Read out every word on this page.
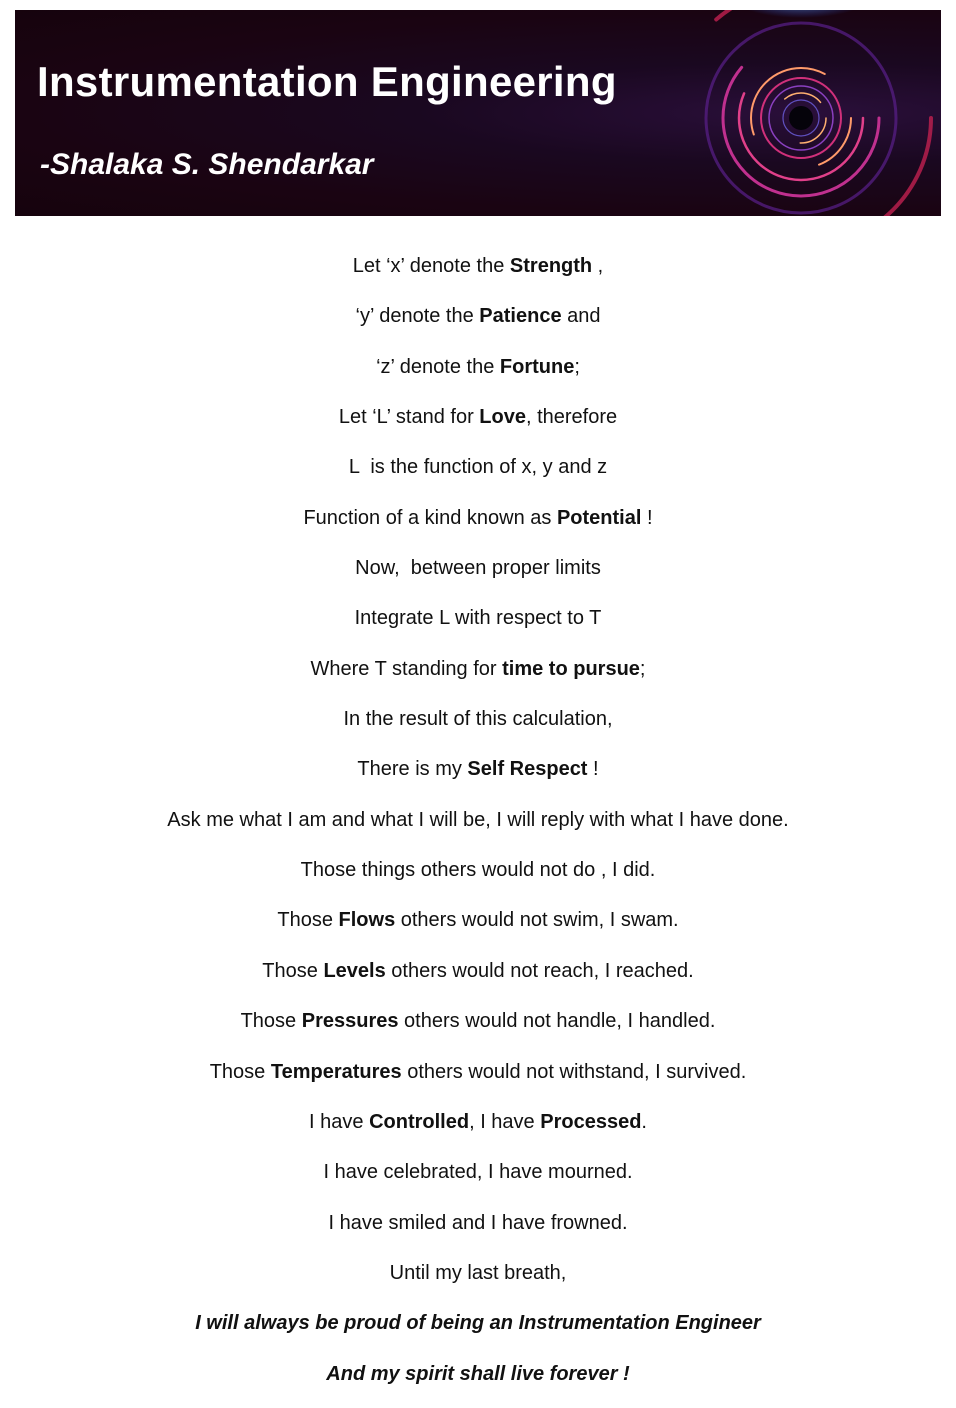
Instrumentation Engineering
-Shalaka S. Shendarkar
Let ‘x’ denote the Strength ,
‘y’ denote the Patience and
‘z’ denote the Fortune;
Let ‘L’ stand for Love, therefore
L  is the function of x, y and z
Function of a kind known as Potential !
Now,  between proper limits
Integrate L with respect to T
Where T standing for time to pursue;
In the result of this calculation,
There is my Self Respect !
Ask me what I am and what I will be, I will reply with what I have done.
Those things others would not do , I did.
Those Flows others would not swim, I swam.
Those Levels others would not reach, I reached.
Those Pressures others would not handle, I handled.
Those Temperatures others would not withstand, I survived.
I have Controlled, I have Processed.
I have celebrated, I have mourned.
I have smiled and I have frowned.
Until my last breath,
I will always be proud of being an Instrumentation Engineer
And my spirit shall live forever !
